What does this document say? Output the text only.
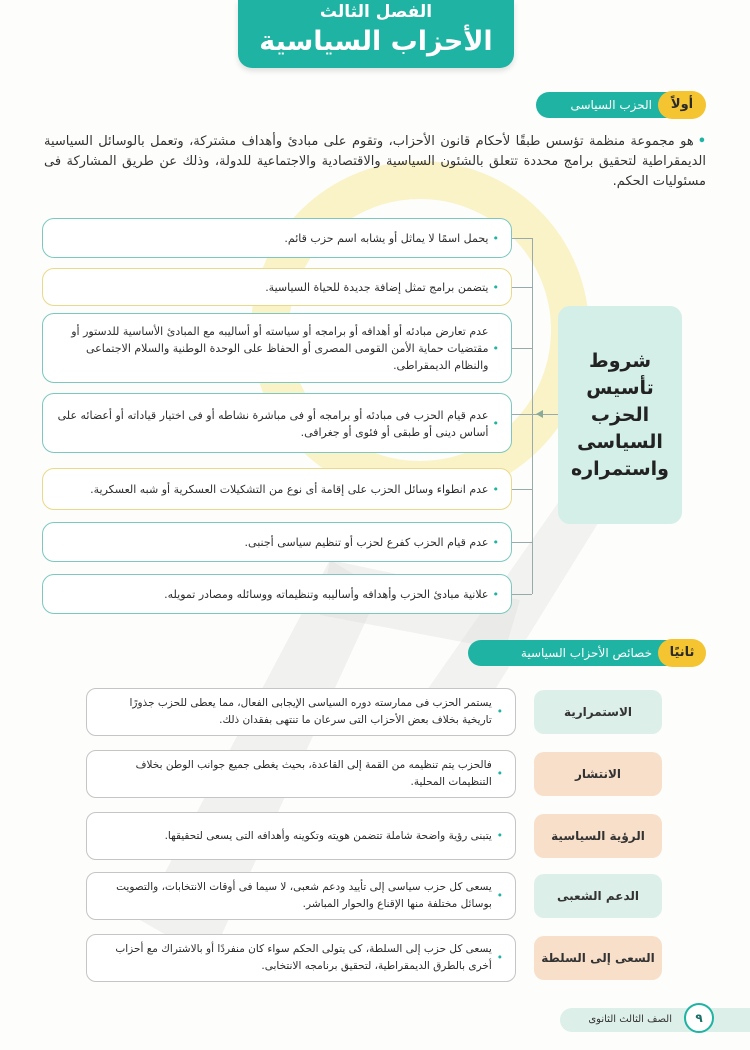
الفصل الثالث
الأحزاب السياسية
الحزب السياسى	أولاً
•هو مجموعة منظمة تؤسس طبقًا لأحكام قانون الأحزاب، وتقوم على مبادئ وأهداف مشتركة، وتعمل بالوسائل السياسية الديمقراطية لتحقيق برامج محددة تتعلق بالشئون السياسية والاقتصادية والاجتماعية للدولة، وذلك عن طريق المشاركة فى مسئوليات الحكم.
•
يحمل اسمًا لا يماثل أو يشابه اسم حزب قائم.
•
يتضمن برامج تمثل إضافة جديدة للحياة السياسية.
•
عدم تعارض مبادئه أو أهدافه أو برامجه أو سياسته أو أساليبه مع المبادئ الأساسية للدستور أو مقتضيات حماية الأمن القومى المصرى أو الحفاظ على الوحدة الوطنية والسلام الاجتماعى والنظام الديمقراطى.
•
عدم قيام الحزب فى مبادئه أو برامجه أو فى مباشرة نشاطه أو فى اختيار قياداته أو أعضائه على أساس دينى أو طبقى أو فئوى أو جغرافى.
•
عدم انطواء وسائل الحزب على إقامة أى نوع من التشكيلات العسكرية أو شبه العسكرية.
•
عدم قيام الحزب كفرع لحزب أو تنظيم سياسى أجنبى.
•
علانية مبادئ الحزب وأهدافه وأساليبه وتنظيماته ووسائله ومصادر تمويله.
شروط تأسيس الحزب السياسى واستمراره
خصائص الأحزاب السياسية	ثانيًا
•
يستمر الحزب فى ممارسته دوره السياسى الإيجابى الفعال، مما يعطى للحزب جذورًا تاريخية بخلاف بعض الأحزاب التى سرعان ما تنتهى بفقدان ذلك.
الاستمرارية
•
فالحزب يتم تنظيمه من القمة إلى القاعدة، بحيث يغطى جميع جوانب الوطن بخلاف التنظيمات المحلية.
الانتشار
•
يتبنى رؤية واضحة شاملة تتضمن هويته وتكوينه وأهدافه التى يسعى لتحقيقها.	الرؤية السياسية
•
يسعى كل حزب سياسى إلى تأييد ودعم شعبى، لا سيما فى أوقات الانتخابات، والتصويت بوسائل مختلفة منها الإقناع والحوار المباشر.
الدعم الشعبى
•
يسعى كل حزب إلى السلطة، كى يتولى الحكم سواء كان منفردًا أو بالاشتراك مع أحزاب أخرى بالطرق الديمقراطية، لتحقيق برنامجه الانتخابى.
السعى إلى السلطة
الصف الثالث الثانوى	٩
